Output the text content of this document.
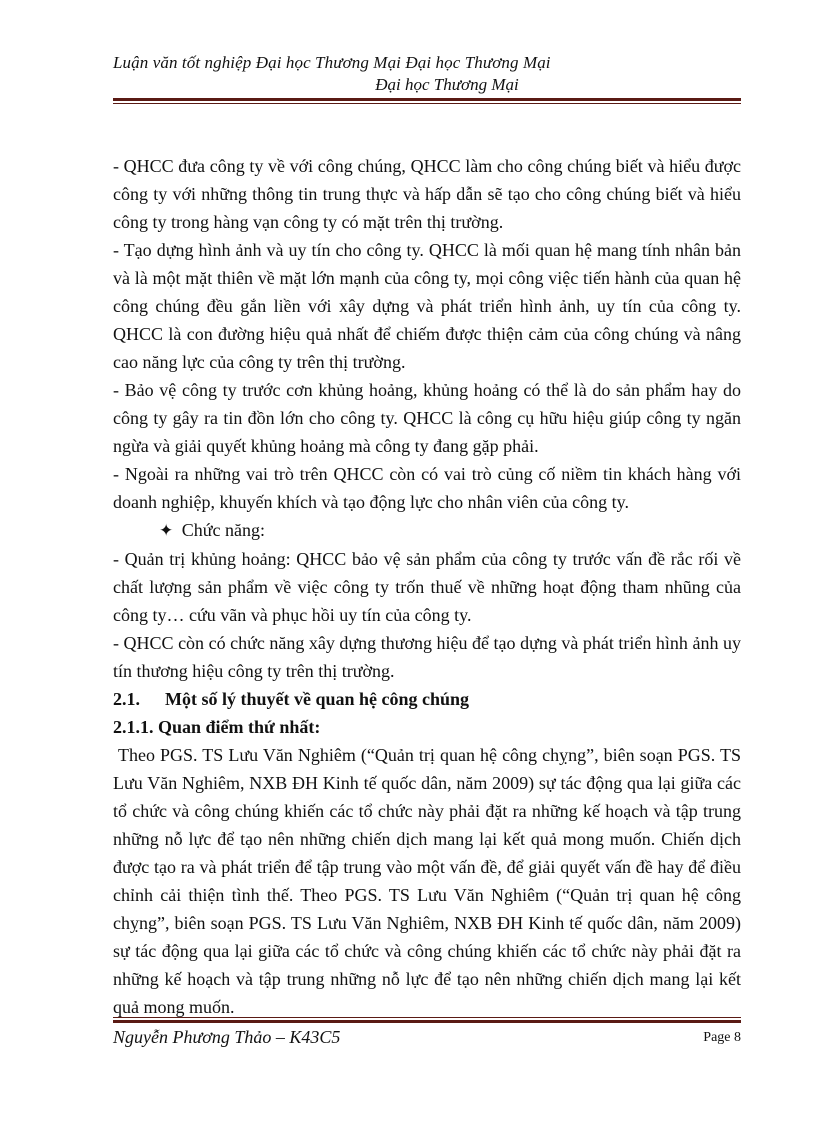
Luận văn tốt nghiệp Đại học Thương Mại Đại học Thương Mại
Đại học Thương Mại

- QHCC đưa công ty về với công chúng, QHCC làm cho công chúng biết và hiểu được công ty với những thông tin trung thực và hấp dẫn sẽ tạo cho công chúng biết và hiểu công ty trong hàng vạn công ty có mặt trên thị trường.

- Tạo dựng hình ảnh và uy tín cho công ty. QHCC là mối quan hệ mang tính nhân bản và là một mặt thiên về mặt lớn mạnh của công ty, mọi công việc tiến hành của quan hệ công chúng đều gắn liền với xây dựng và phát triển hình ảnh, uy tín của công ty. QHCC là con đường hiệu quả nhất để chiếm được thiện cảm của công chúng và nâng cao năng lực của công ty trên thị trường.

- Bảo vệ công ty trước cơn khủng hoảng, khủng hoảng có thể là do sản phẩm hay do công ty gây ra tin đồn lớn cho công ty. QHCC là công cụ hữu hiệu giúp công ty ngăn ngừa và giải quyết khủng hoảng mà công ty đang gặp phải.

- Ngoài ra những vai trò trên QHCC còn có vai trò củng cố niềm tin khách hàng với doanh nghiệp, khuyến khích và tạo động lực cho nhân viên của công ty.

✦ Chức năng:

- Quản trị khủng hoảng: QHCC bảo vệ sản phẩm của công ty trước vấn đề rắc rối về chất lượng sản phẩm về việc công ty trốn thuế về những hoạt động tham nhũng của công ty… cứu vãn và phục hồi uy tín của công ty.

- QHCC còn có chức năng xây dựng thương hiệu để tạo dựng và phát triển hình ảnh uy tín thương hiệu công ty trên thị trường.

2.1. Một số lý thuyết về quan hệ công chúng

2.1.1. Quan điểm thứ nhất:

Theo PGS. TS Lưu Văn Nghiêm (“Quản trị quan hệ công chỵng”, biên soạn PGS. TS Lưu Văn Nghiêm, NXB ĐH Kinh tế quốc dân, năm 2009) sự tác động qua lại giữa các tổ chức và công chúng khiến các tổ chức này phải đặt ra những kế hoạch và tập trung những nỗ lực để tạo nên những chiến dịch mang lại kết quả mong muốn. Chiến dịch được tạo ra và phát triển để tập trung vào một vấn đề, để giải quyết vấn đề hay để điều chỉnh cải thiện tình thế. Theo PGS. TS Lưu Văn Nghiêm (“Quản trị quan hệ công chỵng”, biên soạn PGS. TS Lưu Văn Nghiêm, NXB ĐH Kinh tế quốc dân, năm 2009) sự tác động qua lại giữa các tổ chức và công chúng khiến các tổ chức này phải đặt ra những kế hoạch và tập trung những nỗ lực để tạo nên những chiến dịch mang lại kết quả mong muốn.

Nguyễn Phương Thảo – K43C5	Page 8
